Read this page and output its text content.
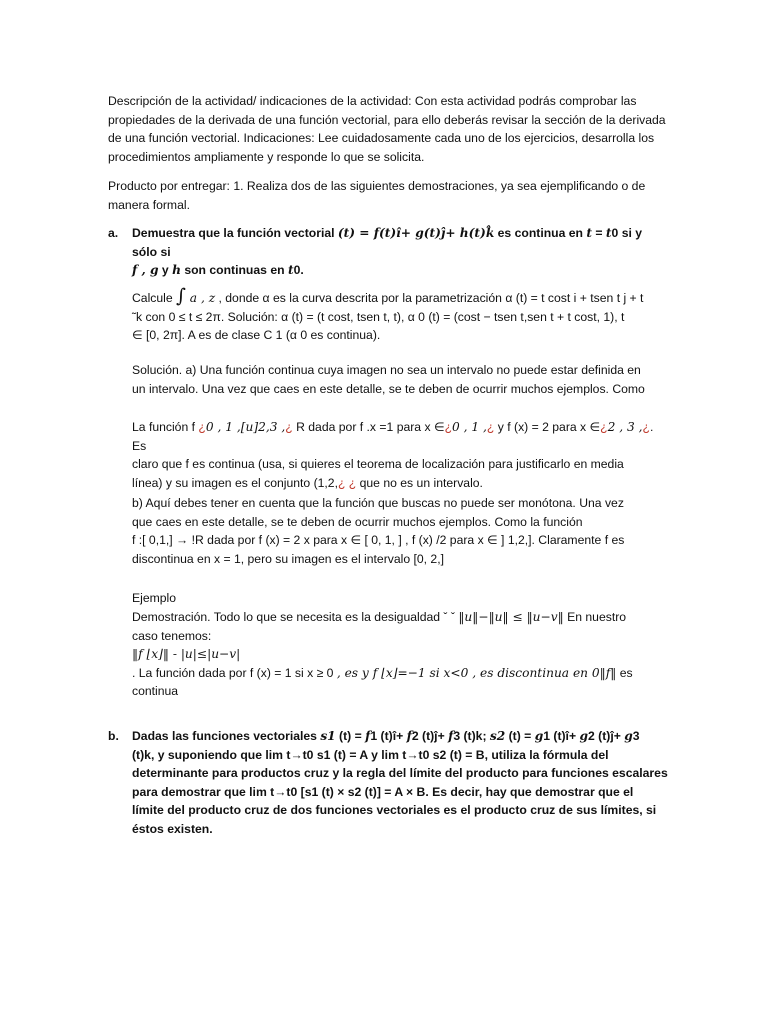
Descripción de la actividad/ indicaciones de la actividad: Con esta actividad podrás comprobar las propiedades de la derivada de una función vectorial, para ello deberás revisar la sección de la derivada de una función vectorial. Indicaciones: Lee cuidadosamente cada uno de los ejercicios, desarrolla los procedimientos ampliamente y responde lo que se solicita.
Producto por entregar: 1. Realiza dos de las siguientes demostraciones, ya sea ejemplificando o de manera formal.
a. Demuestra que la función vectorial (t) = f(t)î+ g(t)ĵ+ h(t)k̂ es continua en t = t0 si y sólo si
f , g y h son continuas en t0.
Calcule ∫ a , z , donde α es la curva descrita por la parametrización α (t) = t cost i + tsen t j + t
˜k con 0 ≤ t ≤ 2π. Solución: α (t) = (t cost, tsen t, t), α 0 (t) = (cost − tsen t,sen t + t cost, 1), t
∈ [0, 2π]. A es de clase C 1 (α 0 es continua).
Solución. a) Una función continua cuya imagen no sea un intervalo no puede estar definida en
un intervalo. Una vez que caes en este detalle, se te deben de ocurrir muchos ejemplos. Como
La función f ¿0 , 1 ,[u]2,3 ,¿ R dada por f .x =1 para x ∈¿0 , 1 ,¿ y f (x) = 2 para x ∈¿2 , 3 ,¿. Es
claro que f es continua (usa, si quieres el teorema de localización para justificarlo en media
línea) y su imagen es el conjunto (1,2,¿ ¿ que no es un intervalo.
b) Aquí debes tener en cuenta que la función que buscas no puede ser monótona. Una vez
que caes en este detalle, se te deben de ocurrir muchos ejemplos. Como la función
f :[ 0,1,] → !R dada por f (x) = 2 x para x ∈ [ 0, 1, ] , f (x) /2 para x ∈ ] 1,2,]. Claramente f es
discontinua en x = 1, pero su imagen es el intervalo [0, 2,]
Ejemplo
Demostración. Todo lo que se necesita es la desigualdad ˇ ˇ ‖u‖−‖u‖ ≤ ‖u−v‖ En nuestro
caso tenemos:
‖f ⌊x⌋‖ - |u|≤|u−v|
. La función dada por f (x) = 1 si x ≥ 0 , es y f ⌊x⌋=−1 si x<0 , es discontinua en 0‖f‖ es
continua
b. Dadas las funciones vectoriales s1 (t) = f1 (t)î+ f2 (t)ĵ+ f3 (t)k; s2 (t) = g1 (t)î+ g2 (t)ĵ+ g3
(t)k, y suponiendo que lim t→t0 s1 (t) = A y lim t→t0 s2 (t) = B, utiliza la fórmula del
determinante para productos cruz y la regla del límite del producto para funciones escalares
para demostrar que lim t→t0 [s1 (t) × s2 (t)] = A × B. Es decir, hay que demostrar que el
límite del producto cruz de dos funciones vectoriales es el producto cruz de sus límites, si
éstos existen.
